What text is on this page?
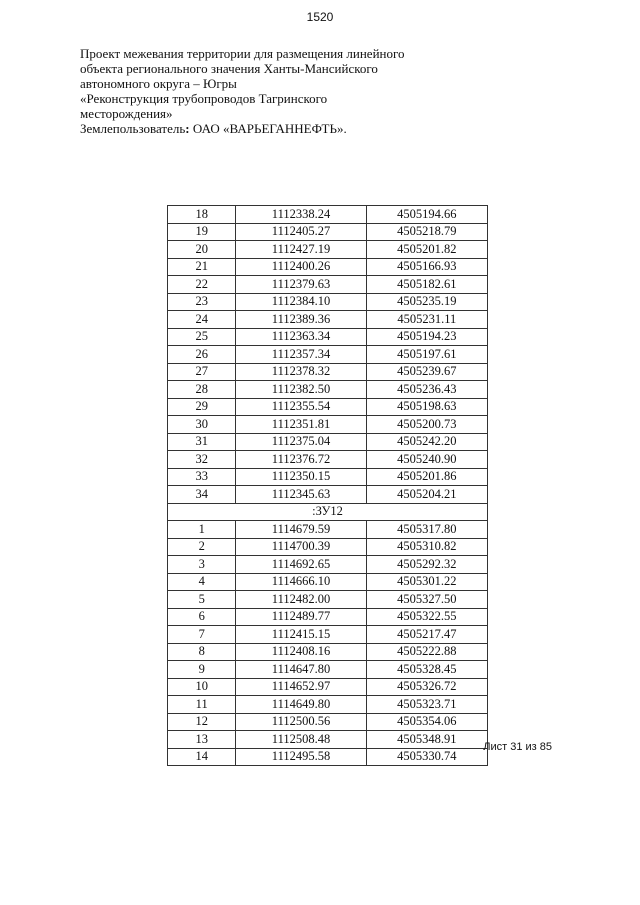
1520
Проект межевания территории для размещения линейного
объекта регионального значения Ханты-Мансийского
автономного округа – Югры
«Реконструкция трубопроводов Тагринского
месторождения»
Землепользователь: ОАО «ВАРЬЕГАННЕФТЬ».
18	1112338.24	4505194.66
19	1112405.27	4505218.79
20	1112427.19	4505201.82
21	1112400.26	4505166.93
22	1112379.63	4505182.61
23	1112384.10	4505235.19
24	1112389.36	4505231.11
25	1112363.34	4505194.23
26	1112357.34	4505197.61
27	1112378.32	4505239.67
28	1112382.50	4505236.43
29	1112355.54	4505198.63
30	1112351.81	4505200.73
31	1112375.04	4505242.20
32	1112376.72	4505240.90
33	1112350.15	4505201.86
34	1112345.63	4505204.21
:ЗУ12		
1	1114679.59	4505317.80
2	1114700.39	4505310.82
3	1114692.65	4505292.32
4	1114666.10	4505301.22
5	1112482.00	4505327.50
6	1112489.77	4505322.55
7	1112415.15	4505217.47
8	1112408.16	4505222.88
9	1114647.80	4505328.45
10	1114652.97	4505326.72
11	1114649.80	4505323.71
12	1112500.56	4505354.06
13	1112508.48	4505348.91
14	1112495.58	4505330.74
Лист 31 из 85
